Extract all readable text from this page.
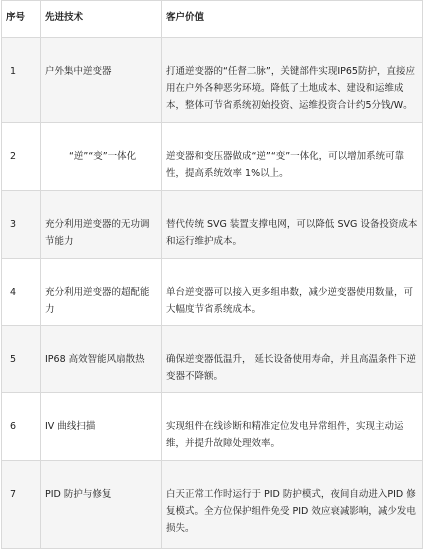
序号	先进技术	客户价值

1	户外集中逆变器	打通逆变器的“任督二脉”，关键部件实现IP65防护，直接应用在户外各种恶劣环境。降低了土地成本、建设和运维成本，整体可节省系统初始投资、运维投资合计约5分钱/W。

2	“逆”“变”一体化	逆变器和变压器做成“逆”“变”一体化，可以增加系统可靠性，提高系统效率 1%以上。

3	充分利用逆变器的无功调节能力	替代传统 SVG 装置支撑电网，可以降低 SVG 设备投资成本和运行维护成本。

4	充分利用逆变器的超配能力	单台逆变器可以接入更多组串数，减少逆变器使用数量，可大幅度节省系统成本。

5	IP68 高效智能风扇散热	确保逆变器低温升， 延长设备使用寿命，并且高温条件下逆变器不降额。

6	IV 曲线扫描	实现组件在线诊断和精准定位发电异常组件，实现主动运维，并提升故障处理效率。

7	PID 防护与修复	白天正常工作时运行于 PID 防护模式，夜间自动进入PID 修复模式。全方位保护组件免受 PID 效应衰减影响，减少发电损失。
